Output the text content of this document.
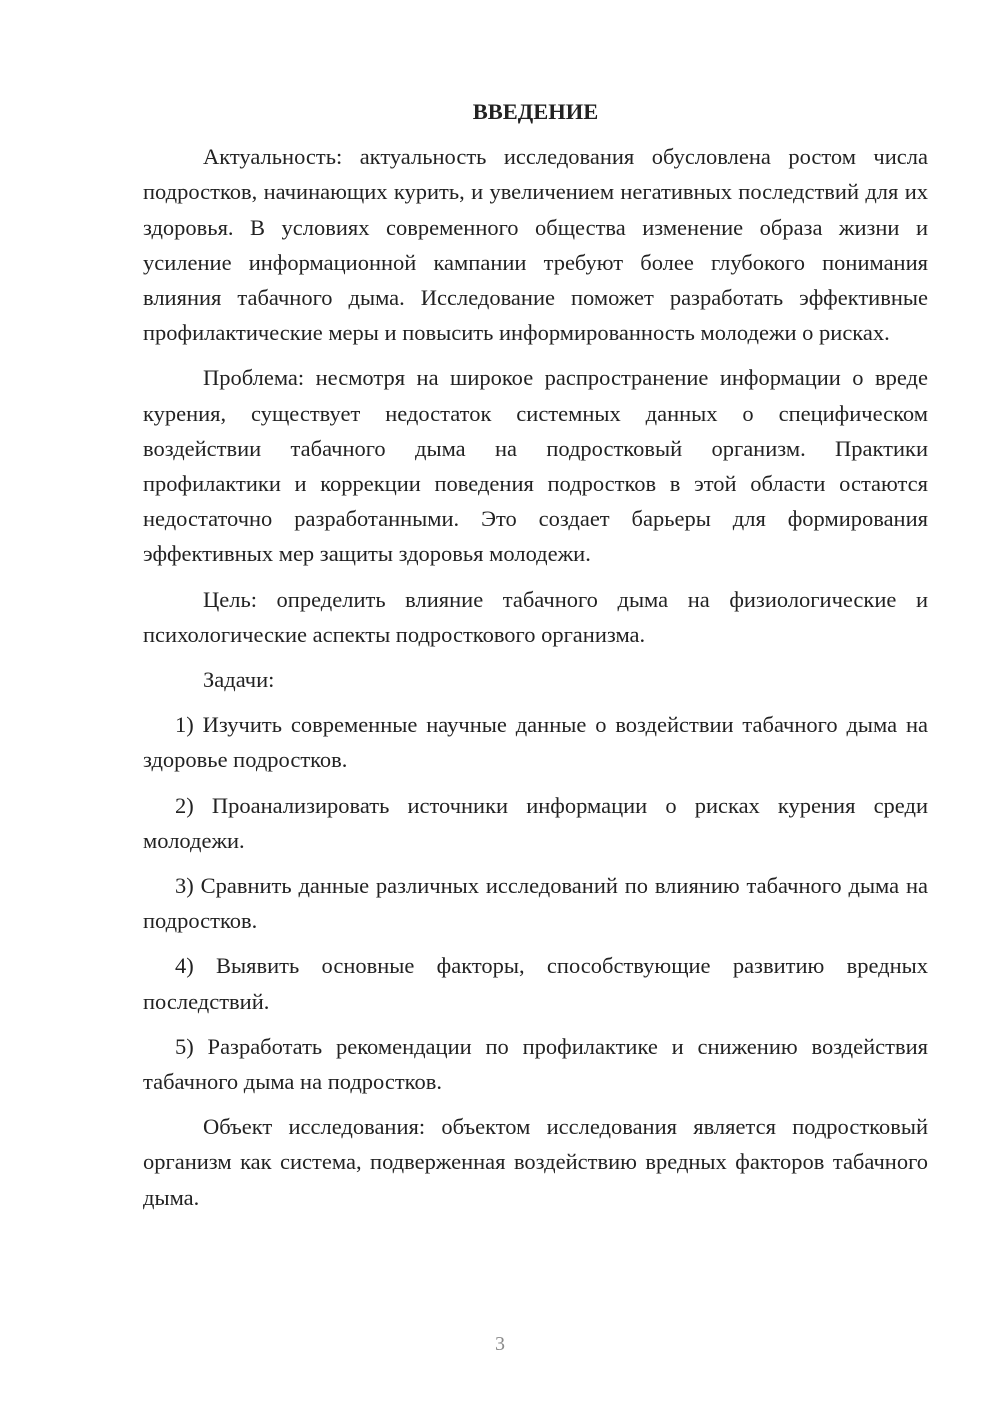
ВВЕДЕНИЕ

Актуальность: актуальность исследования обусловлена ростом числа подростков, начинающих курить, и увеличением негативных последствий для их здоровья. В условиях современного общества изменение образа жизни и усиление информационной кампании требуют более глубокого понимания влияния табачного дыма. Исследование поможет разработать эффективные профилактические меры и повысить информированность молодежи о рисках.

Проблема: несмотря на широкое распространение информации о вреде курения, существует недостаток системных данных о специфическом воздействии табачного дыма на подростковый организм. Практики профилактики и коррекции поведения подростков в этой области остаются недостаточно разработанными. Это создает барьеры для формирования эффективных мер защиты здоровья молодежи.

Цель: определить влияние табачного дыма на физиологические и психологические аспекты подросткового организма.

Задачи:

1) Изучить современные научные данные о воздействии табачного дыма на здоровье подростков.

2) Проанализировать источники информации о рисках курения среди молодежи.

3) Сравнить данные различных исследований по влиянию табачного дыма на подростков.

4) Выявить основные факторы, способствующие развитию вредных последствий.

5) Разработать рекомендации по профилактике и снижению воздействия табачного дыма на подростков.

Объект исследования: объектом исследования является подростковый организм как система, подверженная воздействию вредных факторов табачного дыма.

3
